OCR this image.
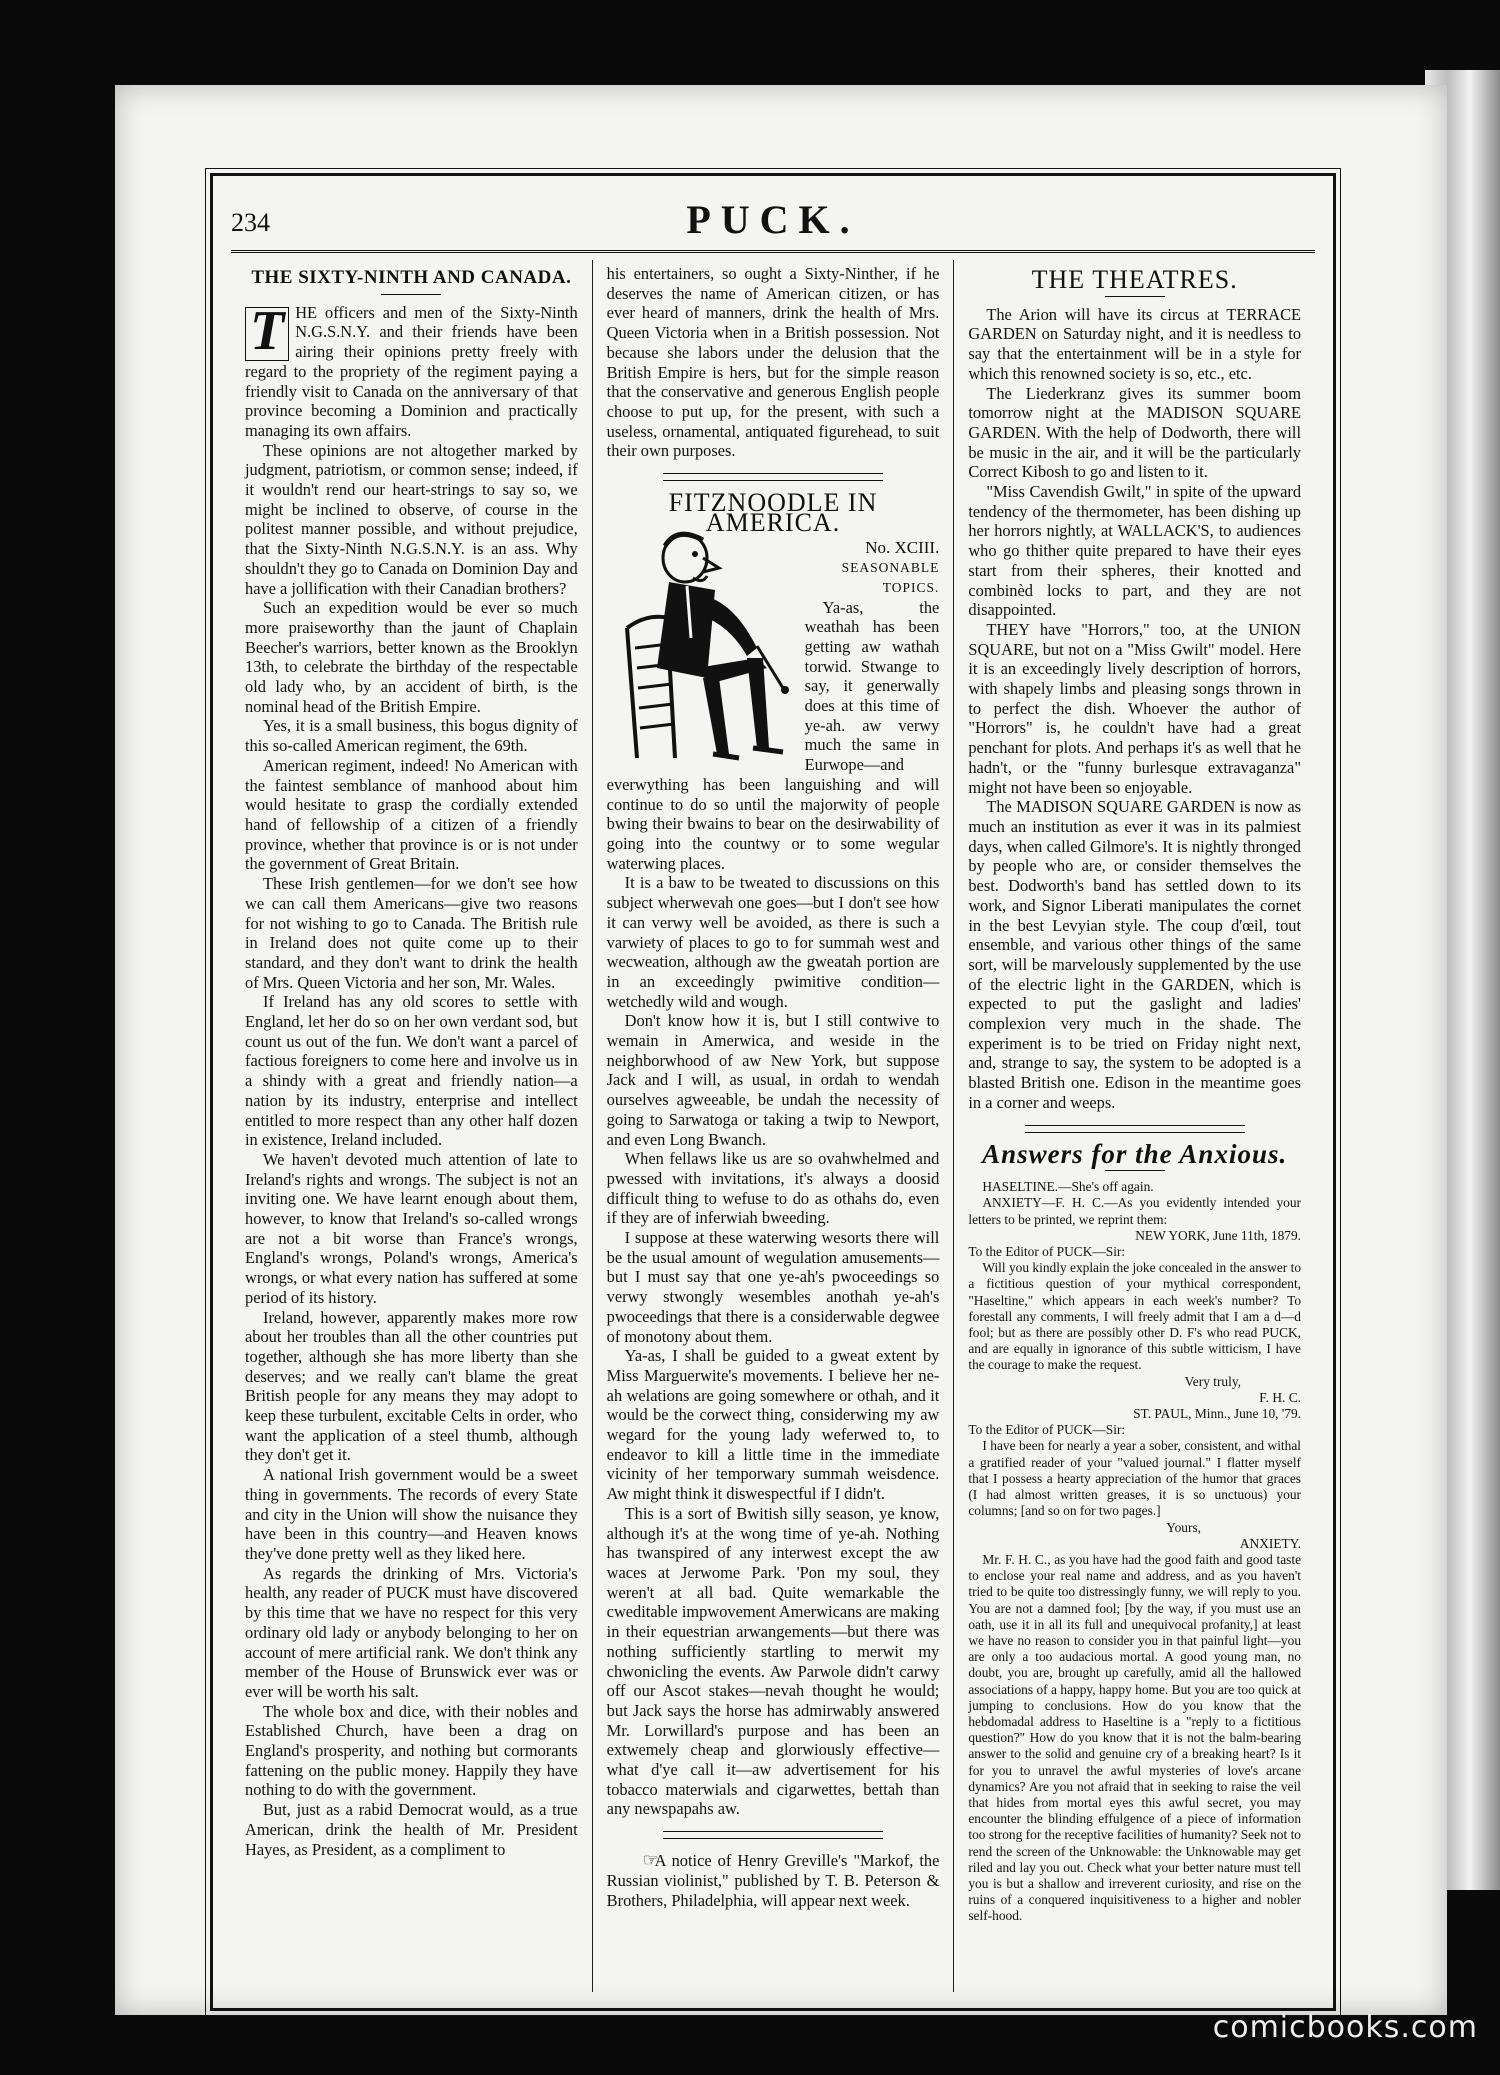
234	PUCK.
THE SIXTY-NINTH AND CANADA.

T HE officers and men of the Sixty-Ninth N.G.S.N.Y. and their friends have been airing their opinions pretty freely with regard to the propriety of the regiment paying a friendly visit to Canada on the anniversary of that province becoming a Dominion and practically managing its own affairs.

These opinions are not altogether marked by judgment, patriotism, or common sense; indeed, if it wouldn't rend our heart-strings to say so, we might be inclined to observe, of course in the politest manner possible, and without prejudice, that the Sixty-Ninth N.G.S.N.Y. is an ass. Why shouldn't they go to Canada on Dominion Day and have a jollification with their Canadian brothers?

Such an expedition would be ever so much more praiseworthy than the jaunt of Chaplain Beecher's warriors, better known as the Brooklyn 13th, to celebrate the birthday of the respectable old lady who, by an accident of birth, is the nominal head of the British Empire.

Yes, it is a small business, this bogus dignity of this so-called American regiment, the 69th.

American regiment, indeed! No American with the faintest semblance of manhood about him would hesitate to grasp the cordially extended hand of fellowship of a citizen of a friendly province, whether that province is or is not under the government of Great Britain.

These Irish gentlemen—for we don't see how we can call them Americans—give two reasons for not wishing to go to Canada. The British rule in Ireland does not quite come up to their standard, and they don't want to drink the health of Mrs. Queen Victoria and her son, Mr. Wales.

If Ireland has any old scores to settle with England, let her do so on her own verdant sod, but count us out of the fun. We don't want a parcel of factious foreigners to come here and involve us in a shindy with a great and friendly nation—a nation by its industry, enterprise and intellect entitled to more respect than any other half dozen in existence, Ireland included.

We haven't devoted much attention of late to Ireland's rights and wrongs. The subject is not an inviting one. We have learnt enough about them, however, to know that Ireland's so-called wrongs are not a bit worse than France's wrongs, England's wrongs, Poland's wrongs, America's wrongs, or what every nation has suffered at some period of its history.

Ireland, however, apparently makes more row about her troubles than all the other countries put together, although she has more liberty than she deserves; and we really can't blame the great British people for any means they may adopt to keep these turbulent, excitable Celts in order, who want the application of a steel thumb, although they don't get it.

A national Irish government would be a sweet thing in governments. The records of every State and city in the Union will show the nuisance they have been in this country—and Heaven knows they've done pretty well as they liked here.

As regards the drinking of Mrs. Victoria's health, any reader of PUCK must have discovered by this time that we have no respect for this very ordinary old lady or anybody belonging to her on account of mere artificial rank. We don't think any member of the House of Brunswick ever was or ever will be worth his salt.

The whole box and dice, with their nobles and Established Church, have been a drag on England's prosperity, and nothing but cormorants fattening on the public money. Happily they have nothing to do with the government.

But, just as a rabid Democrat would, as a true American, drink the health of Mr. President Hayes, as President, as a compliment to

his entertainers, so ought a Sixty-Ninther, if he deserves the name of American citizen, or has ever heard of manners, drink the health of Mrs. Queen Victoria when in a British possession. Not because she labors under the delusion that the British Empire is hers, but for the simple reason that the conservative and generous English people choose to put up, for the present, with such a useless, ornamental, antiquated figurehead, to suit their own purposes.

FITZNOODLE IN AMERICA.

No. XCIII.

SEASONABLE TOPICS.

Ya-as, the weathah has been getting aw wathah torwid. Stwange to say, it generwally does at this time of ye-ah. aw verwy much the same in Eurwope—and everwything has been languishing and will continue to do so until the majorwity of people bwing their bwains to bear on the desirwability of going into the countwy or to some wegular waterwing places.

It is a baw to be tweated to discussions on this subject wherwevah one goes—but I don't see how it can verwy well be avoided, as there is such a varwiety of places to go to for summah west and wecweation, although aw the gweatah portion are in an exceedingly pwimitive condition—wetchedly wild and wough.

Don't know how it is, but I still contwive to wemain in Amerwica, and weside in the neighborwhood of aw New York, but suppose Jack and I will, as usual, in ordah to wendah ourselves agweeable, be undah the necessity of going to Sarwatoga or taking a twip to Newport, and even Long Bwanch.

When fellaws like us are so ovahwhelmed and pwessed with invitations, it's always a doosid difficult thing to wefuse to do as othahs do, even if they are of inferwiah bweeding.

I suppose at these waterwing wesorts there will be the usual amount of wegulation amusements—but I must say that one ye-ah's pwoceedings so verwy stwongly wesembles anothah ye-ah's pwoceedings that there is a considerwable degwee of monotony about them.

Ya-as, I shall be guided to a gweat extent by Miss Marguerwite's movements. I believe her ne-ah welations are going somewhere or othah, and it would be the corwect thing, considerwing my aw wegard for the young lady weferwed to, to endeavor to kill a little time in the immediate vicinity of her temporwary summah weisdence. Aw might think it diswespectful if I didn't.

This is a sort of Bwitish silly season, ye know, although it's at the wong time of ye-ah. Nothing has twanspired of any interwest except the aw waces at Jerwome Park. 'Pon my soul, they weren't at all bad. Quite wemarkable the cweditable impwovement Amerwicans are making in their equestrian arwangements—but there was nothing sufficiently startling to merwit my chwonicling the events. Aw Parwole didn't carwy off our Ascot stakes—nevah thought he would; but Jack says the horse has admirwably answered Mr. Lorwillard's purpose and has been an extwemely cheap and glorwiously effective—what d'ye call it—aw advertisement for his tobacco materwials and cigarwettes, bettah than any newspapahs aw.

☞A notice of Henry Greville's "Markof, the Russian violinist," published by T. B. Peterson & Brothers, Philadelphia, will appear next week.

THE THEATRES.

The Arion will have its circus at TERRACE GARDEN on Saturday night, and it is needless to say that the entertainment will be in a style for which this renowned society is so, etc., etc.

The Liederkranz gives its summer boom tomorrow night at the MADISON SQUARE GARDEN. With the help of Dodworth, there will be music in the air, and it will be the particularly Correct Kibosh to go and listen to it.

"Miss Cavendish Gwilt," in spite of the upward tendency of the thermometer, has been dishing up her horrors nightly, at WALLACK'S, to audiences who go thither quite prepared to have their eyes start from their spheres, their knotted and combinèd locks to part, and they are not disappointed.

THEY have "Horrors," too, at the UNION SQUARE, but not on a "Miss Gwilt" model. Here it is an exceedingly lively description of horrors, with shapely limbs and pleasing songs thrown in to perfect the dish. Whoever the author of "Horrors" is, he couldn't have had a great penchant for plots. And perhaps it's as well that he hadn't, or the "funny burlesque extravaganza" might not have been so enjoyable.

The MADISON SQUARE GARDEN is now as much an institution as ever it was in its palmiest days, when called Gilmore's. It is nightly thronged by people who are, or consider themselves the best. Dodworth's band has settled down to its work, and Signor Liberati manipulates the cornet in the best Levyian style. The coup d'œil, tout ensemble, and various other things of the same sort, will be marvelously supplemented by the use of the electric light in the GARDEN, which is expected to put the gaslight and ladies' complexion very much in the shade. The experiment is to be tried on Friday night next, and, strange to say, the system to be adopted is a blasted British one. Edison in the meantime goes in a corner and weeps.

Answers for the Anxious.

HASELTINE.—She's off again.

ANXIETY—F. H. C.—As you evidently intended your letters to be printed, we reprint them:

NEW YORK, June 11th, 1879.

To the Editor of PUCK—Sir:

Will you kindly explain the joke concealed in the answer to a fictitious question of your mythical correspondent, "Haseltine," which appears in each week's number? To forestall any comments, I will freely admit that I am a d—d fool; but as there are possibly other D. F's who read PUCK, and are equally in ignorance of this subtle witticism, I have the courage to make the request.

Very truly,

F. H. C.

ST. PAUL, Minn., June 10, '79.

To the Editor of PUCK—Sir:

I have been for nearly a year a sober, consistent, and withal a gratified reader of your "valued journal." I flatter myself that I possess a hearty appreciation of the humor that graces (I had almost written greases, it is so unctuous) your columns; [and so on for two pages.]

Yours,

ANXIETY.

Mr. F. H. C., as you have had the good faith and good taste to enclose your real name and address, and as you haven't tried to be quite too distressingly funny, we will reply to you. You are not a damned fool; [by the way, if you must use an oath, use it in all its full and unequivocal profanity,] at least we have no reason to consider you in that painful light—you are only a too audacious mortal. A good young man, no doubt, you are, brought up carefully, amid all the hallowed associations of a happy, happy home. But you are too quick at jumping to conclusions. How do you know that the hebdomadal address to Haseltine is a "reply to a fictitious question?" How do you know that it is not the balm-bearing answer to the solid and genuine cry of a breaking heart? Is it for you to unravel the awful mysteries of love's arcane dynamics? Are you not afraid that in seeking to raise the veil that hides from mortal eyes this awful secret, you may encounter the blinding effulgence of a piece of information too strong for the receptive facilities of humanity? Seek not to rend the screen of the Unknowable: the Unknowable may get riled and lay you out. Check what your better nature must tell you is but a shallow and irreverent curiosity, and rise on the ruins of a conquered inquisitiveness to a higher and nobler self-hood.

comicbooks.com
